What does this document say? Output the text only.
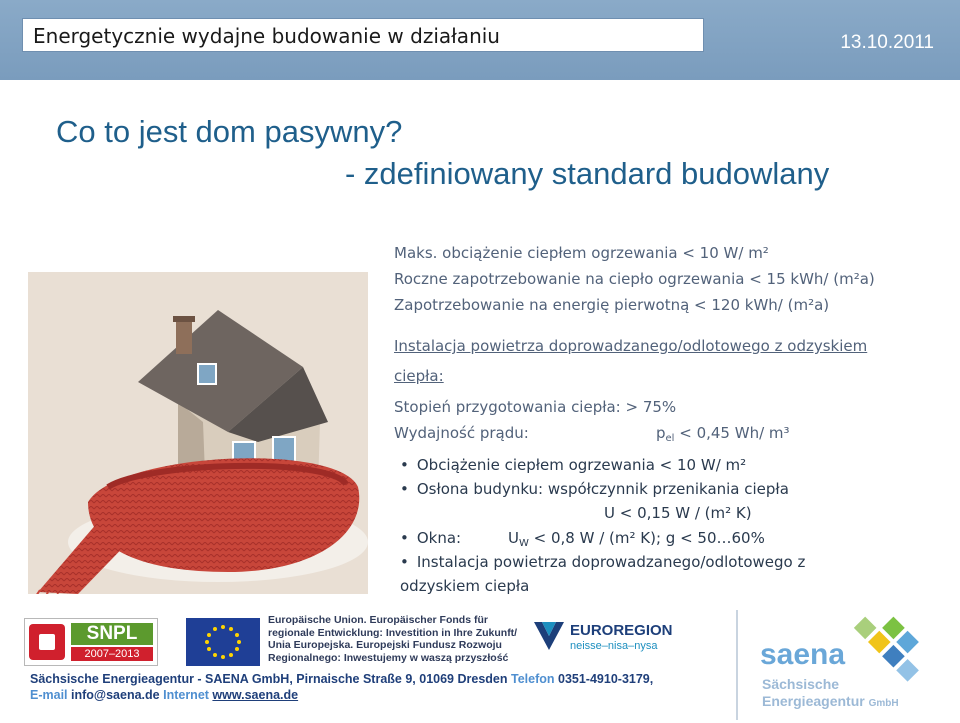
Energetycznie wydajne budowanie w działaniu	13.10.2011
Co to jest dom pasywny?
- zdefiniowany standard budowlany
Maks. obciążenie ciepłem ogrzewania < 10 W/ m²
Roczne zapotrzebowanie na ciepło ogrzewania < 15 kWh/ (m²a)
Zapotrzebowanie na energię pierwotną < 120 kWh/ (m²a)
Instalacja powietrza doprowadzanego/odlotowego z odzyskiem
ciepła:
Stopień przygotowania ciepła: > 75%
Wydajność prądu:	$p_{el} < 0,45$ Wh/ m³
• Obciążenie ciepłem ogrzewania < 10 W/ m²
• Osłona budynku: współczynnik przenikania ciepła
U < 0,15 W / (m² K)
• Okna:	$U_W < 0,8$ W / (m² K); g < 50…60%
• Instalacja powietrza doprowadzanego/odlotowego z
odzyskiem ciepła
SNPL
2007–2013
Europäische Union. Europäischer Fonds für
regionale Entwicklung: Investition in Ihre Zukunft/
Unia Europejska. Europejski Fundusz Rozwoju
Regionalnego: Inwestujemy w waszą przyszłość
EUROREGION
neisse–nisa–nysa	saena
Sächsische
Energieagentur GmbH
Sächsische Energieagentur - SAENA GmbH, Pirnaische Straße 9, 01069 Dresden Telefon 0351-4910-3179,
E-mail info@saena.de Internet www.saena.de
